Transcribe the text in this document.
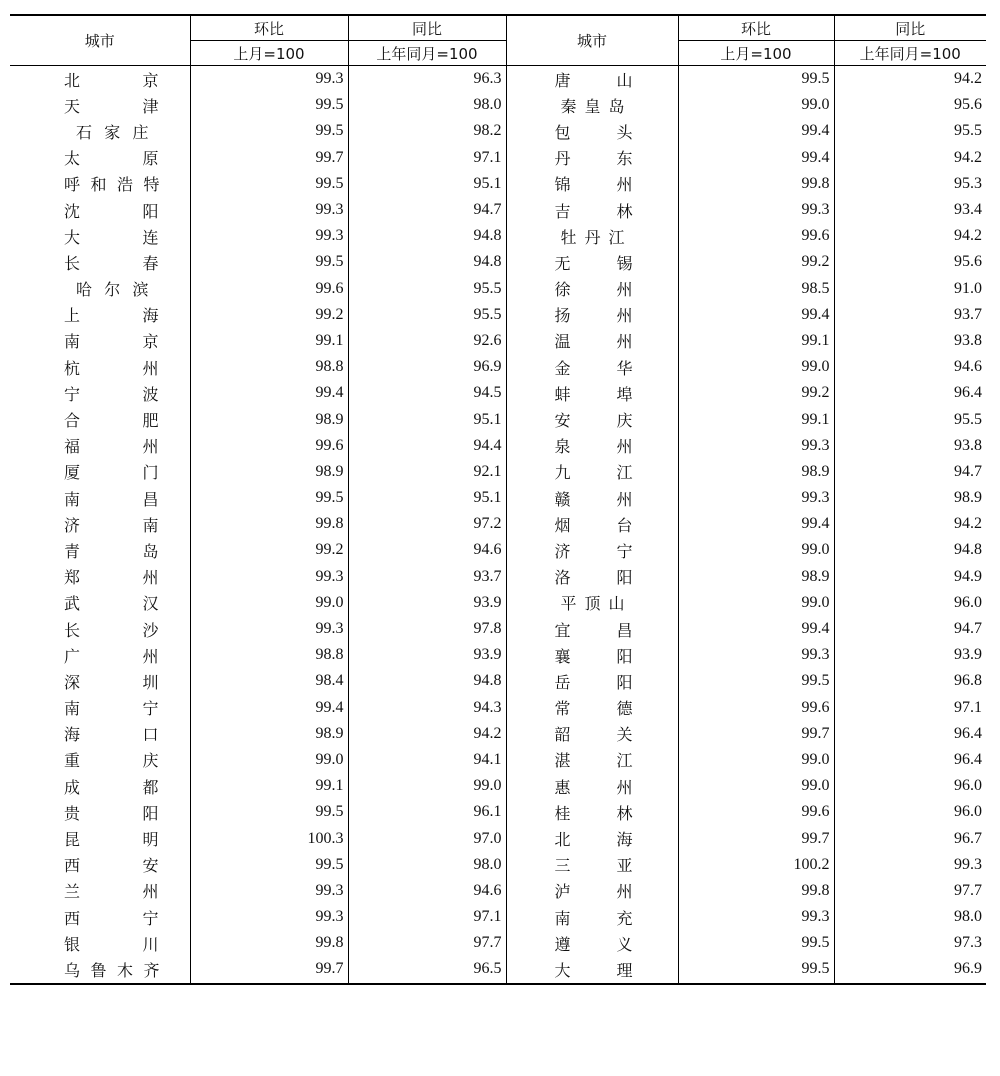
城市	环比	同比	城市	环比	同比
	上月=100	上年同月=100		上月=100	上年同月=100
北京	99.3	96.3	唐山	99.5	94.2
天津	99.5	98.0	秦皇岛	99.0	95.6
石家庄	99.5	98.2	包头	99.4	95.5
太原	99.7	97.1	丹东	99.4	94.2
呼和浩特	99.5	95.1	锦州	99.8	95.3
沈阳	99.3	94.7	吉林	99.3	93.4
大连	99.3	94.8	牡丹江	99.6	94.2
长春	99.5	94.8	无锡	99.2	95.6
哈尔滨	99.6	95.5	徐州	98.5	91.0
上海	99.2	95.5	扬州	99.4	93.7
南京	99.1	92.6	温州	99.1	93.8
杭州	98.8	96.9	金华	99.0	94.6
宁波	99.4	94.5	蚌埠	99.2	96.4
合肥	98.9	95.1	安庆	99.1	95.5
福州	99.6	94.4	泉州	99.3	93.8
厦门	98.9	92.1	九江	98.9	94.7
南昌	99.5	95.1	赣州	99.3	98.9
济南	99.8	97.2	烟台	99.4	94.2
青岛	99.2	94.6	济宁	99.0	94.8
郑州	99.3	93.7	洛阳	98.9	94.9
武汉	99.0	93.9	平顶山	99.0	96.0
长沙	99.3	97.8	宜昌	99.4	94.7
广州	98.8	93.9	襄阳	99.3	93.9
深圳	98.4	94.8	岳阳	99.5	96.8
南宁	99.4	94.3	常德	99.6	97.1
海口	98.9	94.2	韶关	99.7	96.4
重庆	99.0	94.1	湛江	99.0	96.4
成都	99.1	99.0	惠州	99.0	96.0
贵阳	99.5	96.1	桂林	99.6	96.0
昆明	100.3	97.0	北海	99.7	96.7
西安	99.5	98.0	三亚	100.2	99.3
兰州	99.3	94.6	泸州	99.8	97.7
西宁	99.3	97.1	南充	99.3	98.0
银川	99.8	97.7	遵义	99.5	97.3
乌鲁木齐	99.7	96.5	大理	99.5	96.9
